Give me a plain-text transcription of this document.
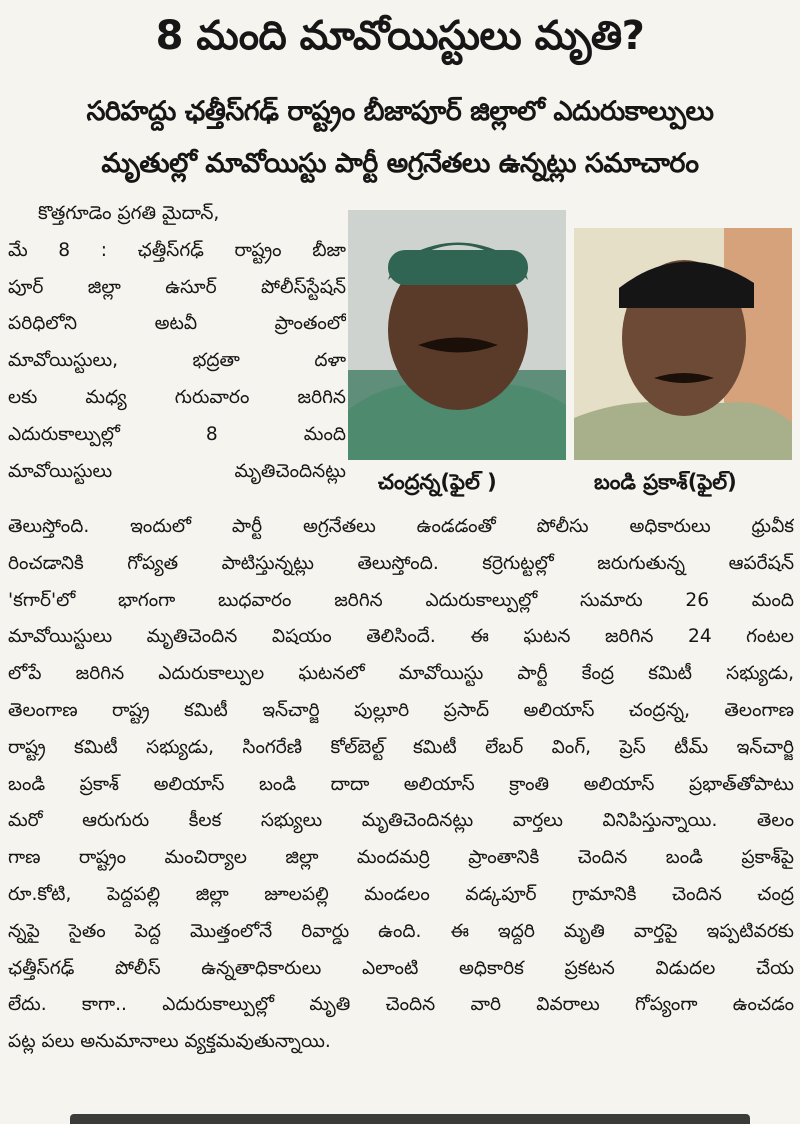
8 మంది మావోయిస్టులు మృతి?
సరిహద్దు ఛత్తీస్‌గఢ్ రాష్ట్రం బీజాపూర్ జిల్లాలో ఎదురుకాల్పులు
మృతుల్లో మావోయిస్టు పార్టీ అగ్రనేతలు ఉన్నట్లు సమాచారం
కొత్తగూడెం ప్రగతి మైదాన్,
మే 8 : ఛత్తీస్‌గఢ్ రాష్ట్రం బీజా
పూర్ జిల్లా ఉసూర్ పోలీస్‌స్టేషన్
పరిధిలోని అటవీ ప్రాంతంలో
మావోయిస్టులు, భద్రతా దళా
లకు మధ్య గురువారం జరిగిన
ఎదురుకాల్పుల్లో 8 మంది
మావోయిస్టులు మృతిచెందినట్లు చంద్రన్న(ఫైల్ )	బండి ప్రకాశ్(ఫైల్)
తెలుస్తోంది. ఇందులో పార్టీ అగ్రనేతలు ఉండడంతో పోలీసు అధికారులు ధ్రువీక
రించడానికి గోప్యత పాటిస్తున్నట్లు తెలుస్తోంది. కర్రెగుట్టల్లో జరుగుతున్న ఆపరేషన్
'కగార్'లో భాగంగా బుధవారం జరిగిన ఎదురుకాల్పుల్లో సుమారు 26 మంది
మావోయిస్టులు మృతిచెందిన విషయం తెలిసిందే. ఈ ఘటన జరిగిన 24 గంటల
లోపే జరిగిన ఎదురుకాల్పుల ఘటనలో మావోయిస్టు పార్టీ కేంద్ర కమిటీ సభ్యుడు,
తెలంగాణ రాష్ట్ర కమిటీ ఇన్‌చార్జి పుల్లూరి ప్రసాద్ అలియాస్ చంద్రన్న, తెలంగాణ
రాష్ట్ర కమిటీ సభ్యుడు, సింగరేణి కోల్‌బెల్ట్ కమిటీ లేబర్ వింగ్, ప్రెస్ టీమ్ ఇన్‌చార్జి
బండి ప్రకాశ్ అలియాస్ బండి దాదా అలియాస్ క్రాంతి అలియాస్ ప్రభాత్‌తోపాటు
మరో ఆరుగురు కీలక సభ్యులు మృతిచెందినట్లు వార్తలు వినిపిస్తున్నాయి. తెలం
గాణ రాష్ట్రం మంచిర్యాల జిల్లా మందమర్రి ప్రాంతానికి చెందిన బండి ప్రకాశ్‌పై
రూ.కోటి, పెద్దపల్లి జిల్లా జూలపల్లి మండలం వడ్కపూర్ గ్రామానికి చెందిన చంద్ర
న్నపై సైతం పెద్ద మొత్తంలోనే రివార్డు ఉంది. ఈ ఇద్దరి మృతి వార్తపై ఇప్పటివరకు
ఛత్తీస్‌గఢ్ పోలీస్ ఉన్నతాధికారులు ఎలాంటి అధికారిక ప్రకటన విడుదల చేయ
లేదు. కాగా.. ఎదురుకాల్పుల్లో మృతి చెందిన వారి వివరాలు గోప్యంగా ఉంచడం
పట్ల పలు అనుమానాలు వ్యక్తమవుతున్నాయి.
